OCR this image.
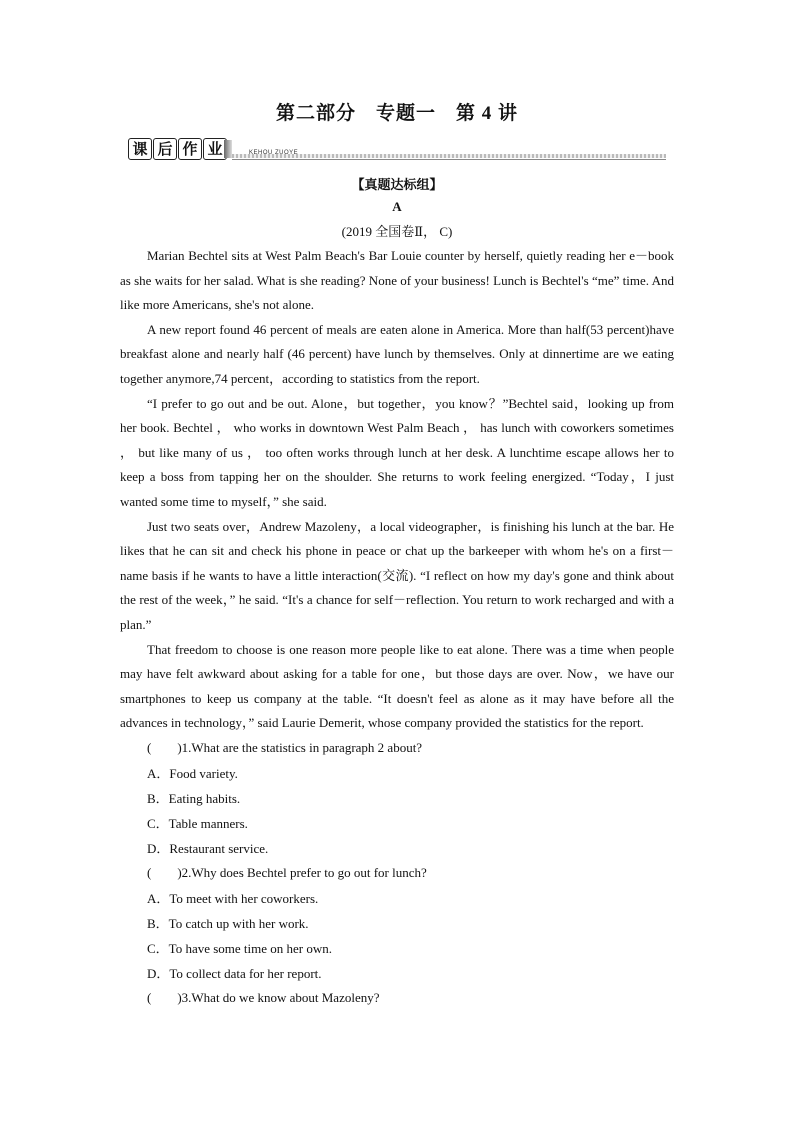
第二部分　专题一　第 4 讲
课 后 作 业	KEHOU ZUOYE
【真题达标组】
A
(2019 全国卷Ⅱ， C)

Marian Bechtel sits at West Palm Beach's Bar Louie counter by herself, quietly reading her e－book as she waits for her salad. What is she reading? None of your business! Lunch is Bechtel's “me” time. And like more Americans, she's not alone.

A new report found 46 percent of meals are eaten alone in America. More than half(53 percent)have breakfast alone and nearly half (46 percent) have lunch by themselves. Only at dinnertime are we eating together anymore,74 percent，according to statistics from the report.

“I prefer to go out and be out. Alone，but together，you know？”Bechtel said，looking up from her book. Bechtel ， who works in downtown West Palm Beach ， has lunch with coworkers sometimes ， but like many of us ， too often works through lunch at her desk. A lunchtime escape allows her to keep a boss from tapping her on the shoulder. She returns to work feeling energized. “Today，I just wanted some time to myself，” she said.

Just two seats over，Andrew Mazoleny，a local videographer，is finishing his lunch at the bar. He likes that he can sit and check his phone in peace or chat up the barkeeper with whom he's on a first－name basis if he wants to have a little interaction(交流). “I reflect on how my day's gone and think about the rest of the week，” he said. “It's a chance for self－reflection. You return to work recharged and with a plan.”

That freedom to choose is one reason more people like to eat alone. There was a time when people may have felt awkward about asking for a table for one，but those days are over. Now，we have our smartphones to keep us company at the table. “It doesn't feel as alone as it may have before all the advances in technology，” said Laurie Demerit, whose company provided the statistics for the report.

(　　)1.What are the statistics in paragraph 2 about?
A．Food variety.
B．Eating habits.
C．Table manners.
D．Restaurant service.
(　　)2.Why does Bechtel prefer to go out for lunch?
A．To meet with her coworkers.
B．To catch up with her work.
C．To have some time on her own.
D．To collect data for her report.
(　　)3.What do we know about Mazoleny?
